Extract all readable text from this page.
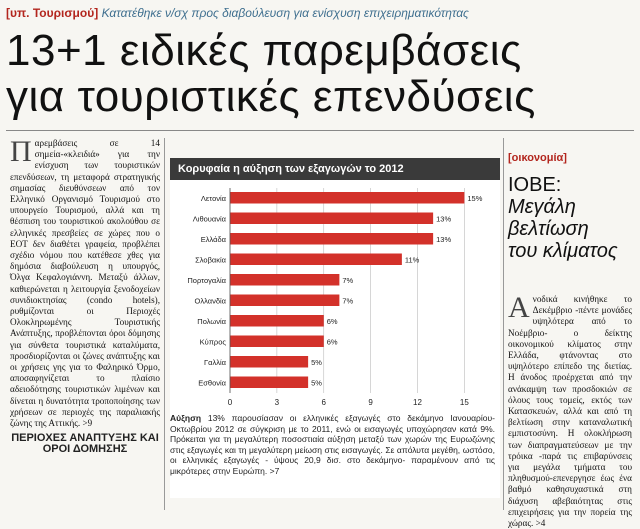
[υπ. Τουρισμού] Κατατέθηκε ν/σχ προς διαβούλευση για ενίσχυση επιχειρηματικότητας
13+1 ειδικές παρεμβάσεις
για τουριστικές επενδύσεις
Π αρεμβάσεις σε 14 σημεία-«κλειδιά» για την ενίσχυση των τουριστικών επενδύσεων, τη μεταφορά στρατηγικής σημασίας διευθύνσεων από τον Ελληνικό Οργανισμό Τουρισμού στο υπουργείο Τουρισμού, αλλά και τη θέσπιση του τουριστικού ακολούθου σε ελληνικές πρεσβείες σε χώρες που ο ΕΟΤ δεν διαθέτει γραφεία, προβλέπει σχέδιο νόμου που κατέθεσε χθες για δημόσια διαβούλευση η υπουργός, Όλγα Κεφαλογιάννη. Μεταξύ άλλων, καθιερώνεται η λειτουργία ξενοδοχείων συνιδιοκτησίας (condo hotels), ρυθμίζονται οι Περιοχές Ολοκληρωμένης Τουριστικής Ανάπτυξης, προβλέπονται όροι δόμησης για σύνθετα τουριστικά καταλύματα, προσδιορίζονται οι ζώνες ανάπτυξης και οι χρήσεις γης για το Φαληρικό Όρμο, αποσαφηνίζεται το πλαίσιο αδειοδότησης τουριστικών λιμένων και δίνεται η δυνατότητα τροποποίησης των χρήσεων σε περιοχές της παραλιακής ζώνης της Αττικής. >9
ΠΕΡΙΟΧΕΣ ΑΝΑΠΤΥΞΗΣ ΚΑΙ ΟΡΟΙ ΔΟΜΗΣΗΣ
Κορυφαία η αύξηση των εξαγωγών το 2012
0	3	6	9	12	15
Λετονία	15%
Λιθουανία	13%
Ελλάδα	13%
Σλοβακία	11%
Πορτογαλία	7%
Ολλανδία	7%
Πολωνία	6%
Κύπρος	6%
Γαλλία	5%
Εσθονία	5%
Αύξηση 13% παρουσίασαν οι ελληνικές εξαγωγές στο δεκάμηνο Ιανουαρίου-Οκτωβρίου 2012 σε σύγκριση με το 2011, ενώ οι εισαγωγές υποχώρησαν κατά 9%. Πρόκειται για τη μεγαλύτερη ποσοστιαία αύξηση μεταξύ των χωρών της Ευρωζώνης στις εξαγωγές και τη μεγαλύτερη μείωση στις εισαγωγές. Σε απόλυτα μεγέθη, ωστόσο, οι ελληνικές εξαγωγές - ύψους 20,9 δισ. στο δεκάμηνο- παραμένουν από τις μικρότερες στην Ευρώπη. >7
[οικονομία]
ΙΟΒΕ:
Μεγάλη
βελτίωση
του κλίματος
Α νοδικά κινήθηκε το Δεκέμβριο -πέντε μονάδες υψηλότερα από το Νοέμβριο- ο δείκτης οικονομικού κλίματος στην Ελλάδα, φτάνοντας στο υψηλότερο επίπεδο της διετίας. Η άνοδος προέρχεται από την ανάκαμψη των προσδοκιών σε όλους τους τομείς, εκτός των Κατασκευών, αλλά και από τη βελτίωση στην καταναλωτική εμπιστοσύνη. Η ολοκλήρωση των διαπραγματεύσεων με την τρόικα -παρά τις επιβαρύνσεις για μεγάλα τμήματα του πληθυσμού-επενεργησε έως ένα βαθμό καθησυχαστικά στη διάχυση αβεβαιότητας στις επιχειρήσεις για την πορεία της χώρας. >4
